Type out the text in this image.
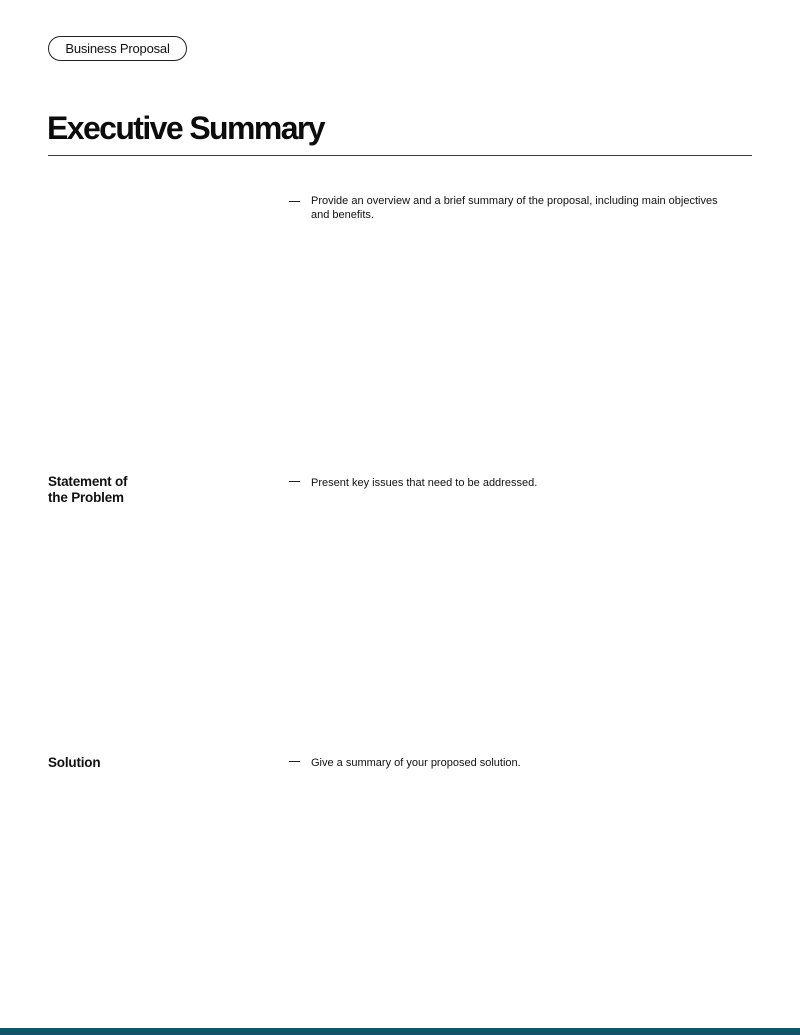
Business Proposal
Executive Summary

Provide an overview and a brief summary of the proposal, including main objectives and benefits.

Statement of the Problem

Present key issues that need to be addressed.

Solution	Give a summary of your proposed solution.
